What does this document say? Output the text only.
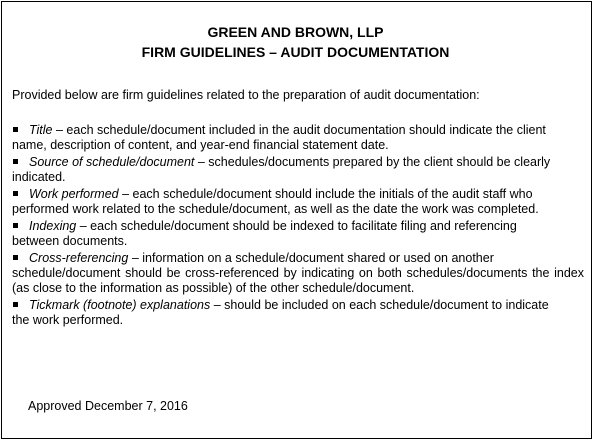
GREEN AND BROWN, LLP
FIRM GUIDELINES – AUDIT DOCUMENTATION
Provided below are firm guidelines related to the preparation of audit documentation:
Title – each schedule/document included in the audit documentation should indicate the client
name, description of content, and year-end financial statement date.
Source of schedule/document – schedules/documents prepared by the client should be clearly
indicated.
Work performed – each schedule/document should include the initials of the audit staff who
performed work related to the schedule/document, as well as the date the work was completed.
Indexing – each schedule/document should be indexed to facilitate filing and referencing
between documents.
Cross-referencing – information on a schedule/document shared or used on another
schedule/document should be cross-referenced by indicating on both schedules/documents the index (as close to the information as possible) of the other schedule/document.
Tickmark (footnote) explanations – should be included on each schedule/document to indicate
the work performed.
Approved December 7, 2016
